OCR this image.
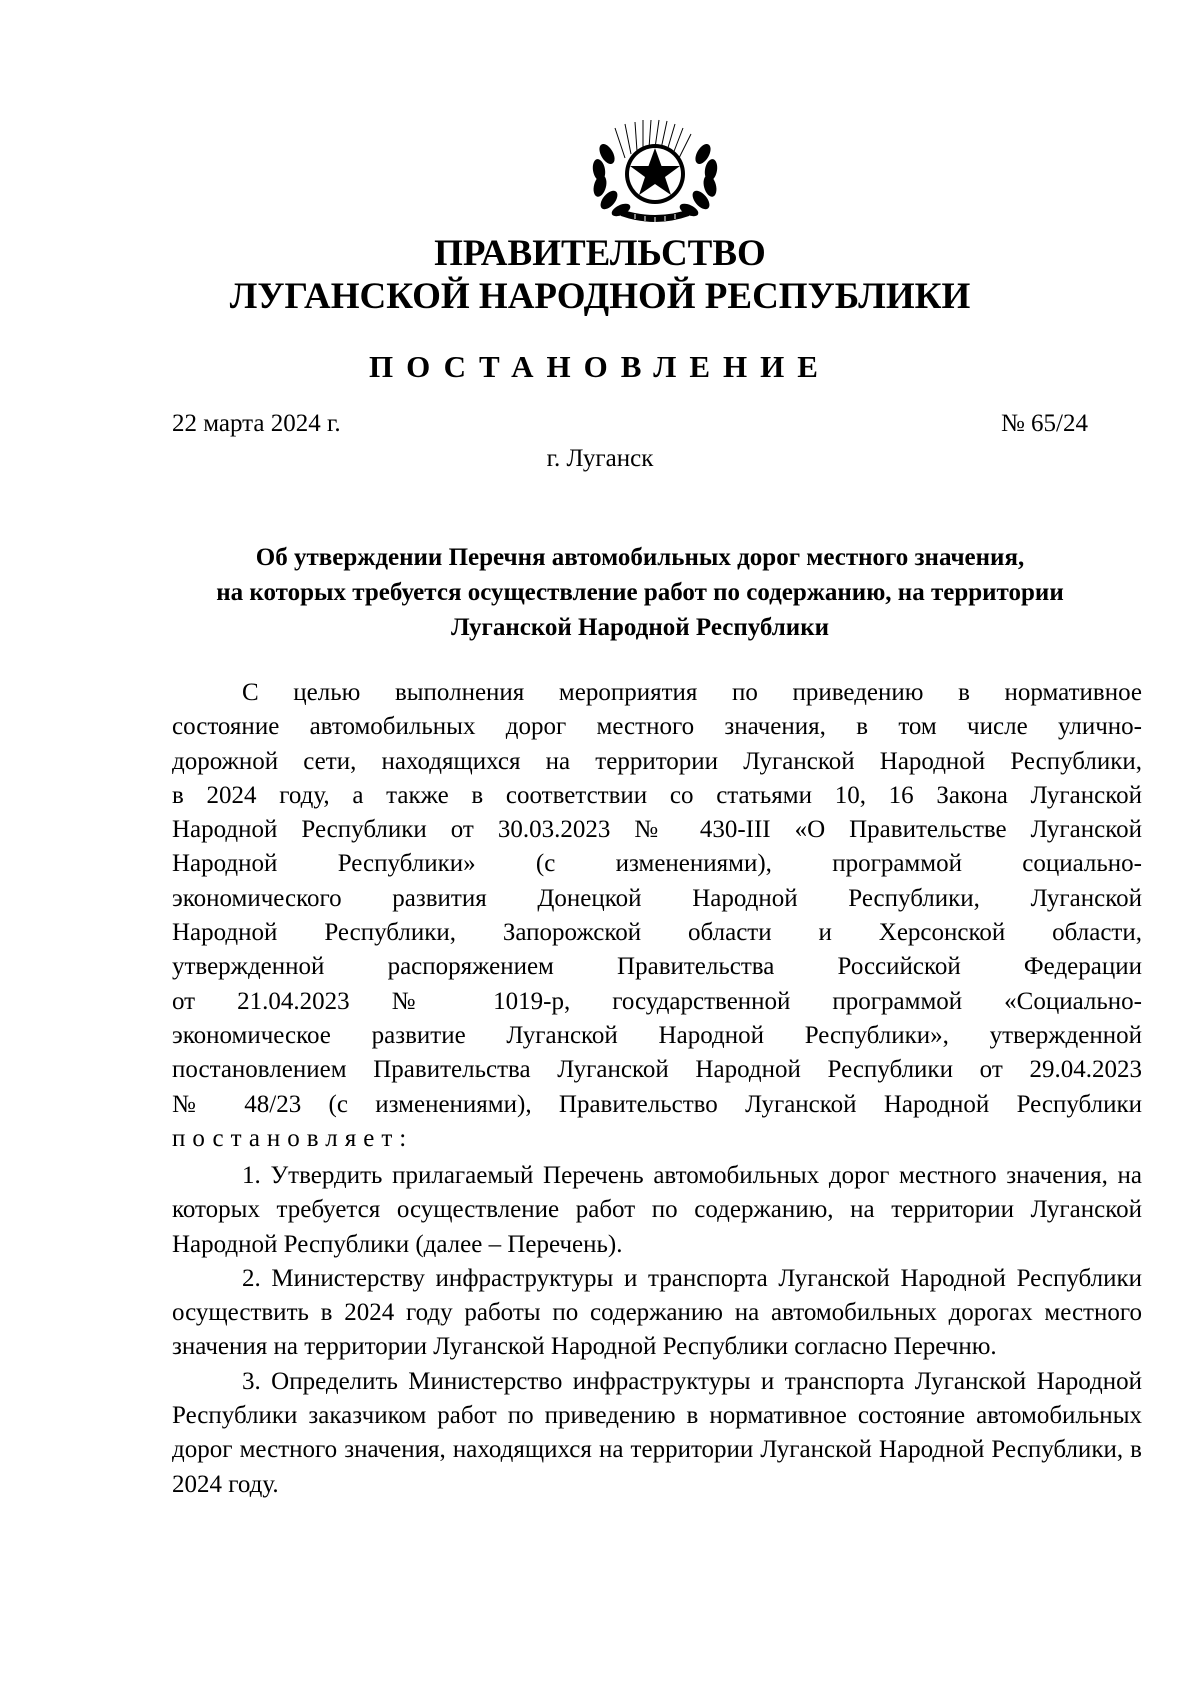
ПРАВИТЕЛЬСТВО
ЛУГАНСКОЙ НАРОДНОЙ РЕСПУБЛИКИ
ПОСТАНОВЛЕНИЕ
22 марта 2024 г.	№ 65/24
г. Луганск
Об утверждении Перечня автомобильных дорог местного значения,
на которых требуется осуществление работ по содержанию, на территории
Луганской Народной Республики
С целью выполнения мероприятия по приведению в нормативное
состояние автомобильных дорог местного значения, в том числе улично-
дорожной сети, находящихся на территории Луганской Народной Республики,
в 2024 году, а также в соответствии со статьями 10, 16 Закона Луганской
Народной Республики от 30.03.2023 № 430-III «О Правительстве Луганской
Народной Республики» (с изменениями), программой социально-
экономического развития Донецкой Народной Республики, Луганской
Народной Республики, Запорожской области и Херсонской области,
утвержденной распоряжением Правительства Российской Федерации
от 21.04.2023 № 1019-р, государственной программой «Социально-
экономическое развитие Луганской Народной Республики», утвержденной
постановлением Правительства Луганской Народной Республики от 29.04.2023
№ 48/23 (с изменениями), Правительство Луганской Народной Республики
постановляет:

1. Утвердить прилагаемый Перечень автомобильных дорог местного значения, на которых требуется осуществление работ по содержанию, на территории Луганской Народной Республики (далее – Перечень).

2. Министерству инфраструктуры и транспорта Луганской Народной Республики осуществить в 2024 году работы по содержанию на автомобильных дорогах местного значения на территории Луганской Народной Республики согласно Перечню.

3. Определить Министерство инфраструктуры и транспорта Луганской Народной Республики заказчиком работ по приведению в нормативное состояние автомобильных дорог местного значения, находящихся на территории Луганской Народной Республики, в 2024 году.
